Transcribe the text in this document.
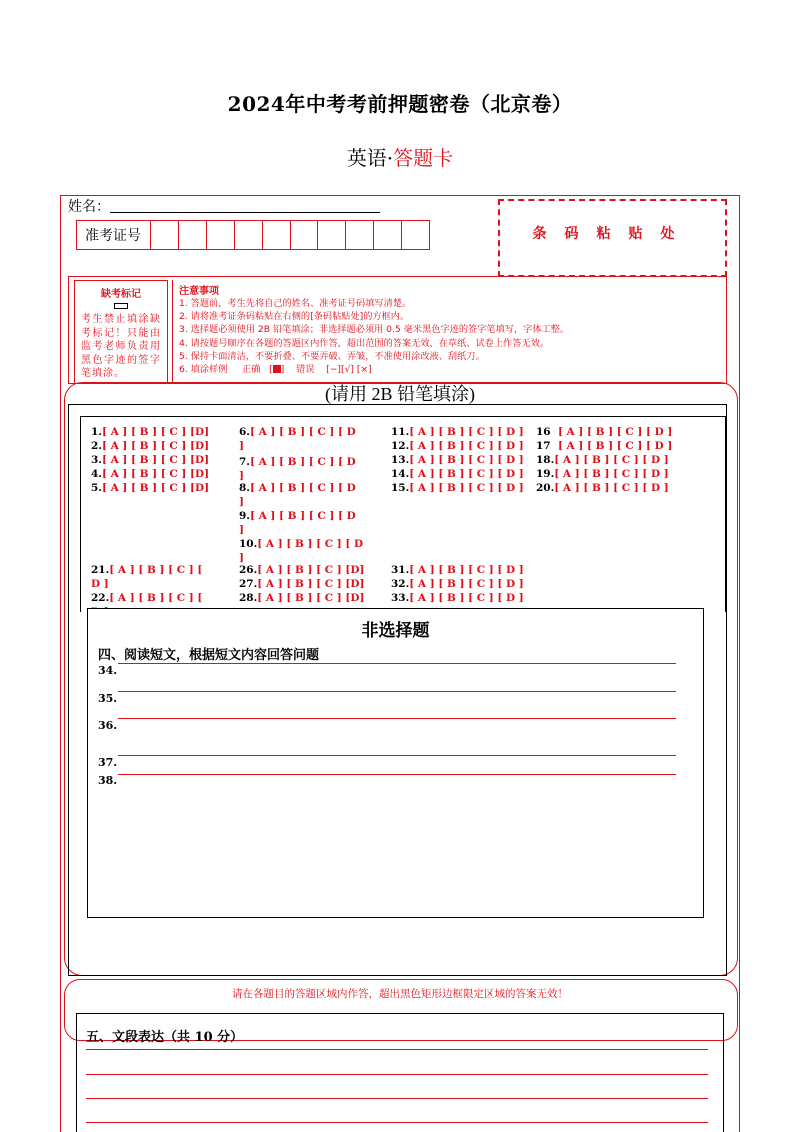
2024年中考考前押题密卷（北京卷）
英语·答题卡
姓名：
准考证号	条码粘贴处
缺考标记
考生禁止填涂缺考标记！只能由监考老师负责用黑色字迹的签字笔填涂。
注意事项
1. 答题前，考生先将自己的姓名、准考证号码填写清楚。
2. 请将准考证条码粘贴在右侧的[条码粘贴处]的方框内。
3. 选择题必须使用 2B 铅笔填涂；非选择题必须用 0.5 毫米黑色字迹的签字笔填写，字体工整。
4. 请按题号顺序在各题的答题区内作答，超出范围的答案无效，在草纸、试卷上作答无效。
5. 保持卡面清洁，不要折叠、不要弄破、弄皱，不准使用涂改液、刮纸刀。
6. 填涂样例 正确   [ ]    错误 [−][√] [×]
(请用 2B 铅笔填涂)
1.[ A ] [ B ] [ C ] [D]
2.[ A ] [ B ] [ C ] [D]
3.[ A ] [ B ] [ C ] [D]
4.[ A ] [ B ] [ C ] [D]
5.[ A ] [ B ] [ C ] [D]
6.[ A ] [ B ] [ C ] [ D
]
7.[ A ] [ B ] [ C ] [ D
]
8.[ A ] [ B ] [ C ] [ D
]
9.[ A ] [ B ] [ C ] [ D
]
10.[ A ] [ B ] [ C ] [ D
]
11.[ A ] [ B ] [ C ] [ D ]
12.[ A ] [ B ] [ C ] [ D ]
13.[ A ] [ B ] [ C ] [ D ]
14.[ A ] [ B ] [ C ] [ D ]
15.[ A ] [ B ] [ C ] [ D ]
16 [ A ] [ B ] [ C ] [ D ]
17 [ A ] [ B ] [ C ] [ D ]
18.[ A ] [ B ] [ C ] [ D ]
19.[ A ] [ B ] [ C ] [ D ]
20.[ A ] [ B ] [ C ] [ D ]
21.[ A ] [ B ] [ C ] [
D ]
22.[ A ] [ B ] [ C ] [

26.[ A ] [ B ] [ C ] [D]
27.[ A ] [ B ] [ C ] [D]
28.[ A ] [ B ] [ C ] [D]
31.[ A ] [ B ] [ C ] [ D ]
32.[ A ] [ B ] [ C ] [ D ]
33.[ A ] [ B ] [ C ] [ D ]
非选择题
四、阅读短文，根据短文内容回答问题
34.
35.
36.
37.
38.
请在各题目的答题区域内作答，超出黑色矩形边框限定区域的答案无效！
五、文段表达（共 10 分）
